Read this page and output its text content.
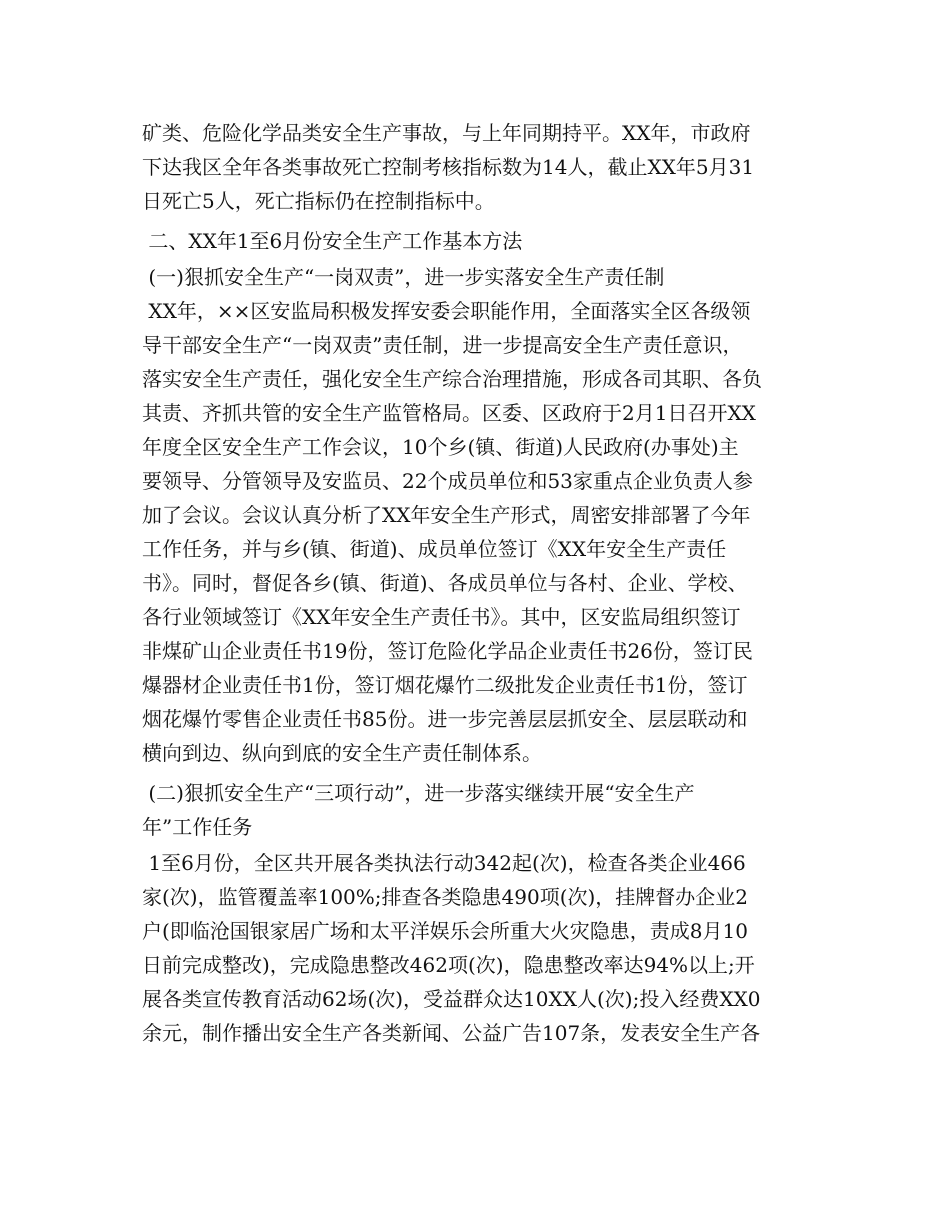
矿类、危险化学品类安全生产事故，与上年同期持平。XX年，市政府
下达我区全年各类事故死亡控制考核指标数为14人，截止XX年5月31
日死亡5人，死亡指标仍在控制指标中。
二、XX年1至6月份安全生产工作基本方法
(一)狠抓安全生产“一岗双责”，进一步实落安全生产责任制
XX年，××区安监局积极发挥安委会职能作用，全面落实全区各级领
导干部安全生产“一岗双责”责任制，进一步提高安全生产责任意识，
落实安全生产责任，强化安全生产综合治理措施，形成各司其职、各负
其责、齐抓共管的安全生产监管格局。区委、区政府于2月1日召开XX
年度全区安全生产工作会议，10个乡(镇、街道)人民政府(办事处)主
要领导、分管领导及安监员、22个成员单位和53家重点企业负责人参
加了会议。会议认真分析了XX年安全生产形式，周密安排部署了今年
工作任务，并与乡(镇、街道)、成员单位签订《XX年安全生产责任
书》。同时，督促各乡(镇、街道)、各成员单位与各村、企业、学校、
各行业领域签订《XX年安全生产责任书》。其中，区安监局组织签订
非煤矿山企业责任书19份，签订危险化学品企业责任书26份，签订民
爆器材企业责任书1份，签订烟花爆竹二级批发企业责任书1份，签订
烟花爆竹零售企业责任书85份。进一步完善层层抓安全、层层联动和
横向到边、纵向到底的安全生产责任制体系。
(二)狠抓安全生产“三项行动”，进一步落实继续开展“安全生产
年”工作任务
1至6月份，全区共开展各类执法行动342起(次)，检查各类企业466
家(次)，监管覆盖率100%;排查各类隐患490项(次)，挂牌督办企业2
户(即临沧国银家居广场和太平洋娱乐会所重大火灾隐患，责成8月10
日前完成整改)，完成隐患整改462项(次)，隐患整改率达94%以上;开
展各类宣传教育活动62场(次)，受益群众达10XX人(次);投入经费XX0
余元，制作播出安全生产各类新闻、公益广告107条，发表安全生产各
